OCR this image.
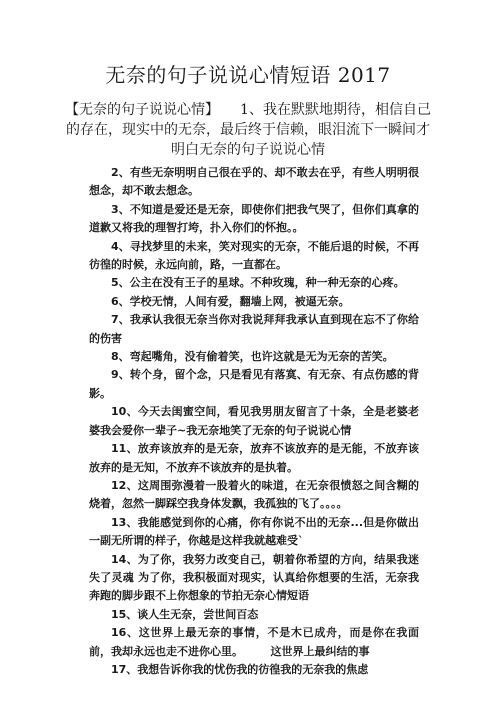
无奈的句子说说心情短语 2017

【无奈的句子说说心情】　　1、我在默默地期待，相信自己的存在，现实中的无奈，最后终于信赖，眼泪流下一瞬间才明白无奈的句子说说心情

2、有些无奈明明自己很在乎的、却不敢去在乎，有些人明明很想念，却不敢去想念。

3、不知道是爱还是无奈，即使你们把我气哭了，但你们真拿的道歉又将我的理智打垮，扑入你们的怀抱。。

4、寻找梦里的未来，笑对现实的无奈，不能后退的时候，不再彷徨的时候，永远向前，路，一直都在。

5、公主在没有王子的星球。不种玫瑰，种一种无奈的心疼。

6、学校无情，人间有爱，翻墙上网，被逼无奈。

7、我承认我很无奈当你对我说拜拜我承认直到现在忘不了你给的伤害

8、弯起嘴角，没有偷着笑，也许这就是无为无奈的苦笑。

9、转个身，留个念，只是看见有落寞、有无奈、有点伤感的背影。

10、今天去闺蜜空间，看见我男朋友留言了十条，全是老婆老婆我会爱你一辈子~我无奈地笑了无奈的句子说说心情

11、放弃该放弃的是无奈，放弃不该放弃的是无能，不放弃该放弃的是无知，不放弃不该放弃的是执着。

12、这周围弥漫着一股着火的味道，在无奈很愤怒之间含糊的烧着，忽然一脚踩空我身体发飘，我孤独的飞了。。。。

13、我能感觉到你的心痛，你有你说不出的无奈...但是你做出一副无所谓的样子，你越是这样我就越难受`

14、为了你，我努力改变自己，朝着你希望的方向，结果我迷失了灵魂 为了你，我积极面对现实，认真给你想要的生活，无奈我奔跑的脚步跟不上你想象的节拍无奈心情短语

15、谈人生无奈，尝世间百态

16、这世界上最无奈的事情，不是木已成舟，而是你在我面前，我却永远也走不进你心里。　　　这世界上最纠结的事

17、我想告诉你我的忧伤我的彷徨我的无奈我的焦虑
